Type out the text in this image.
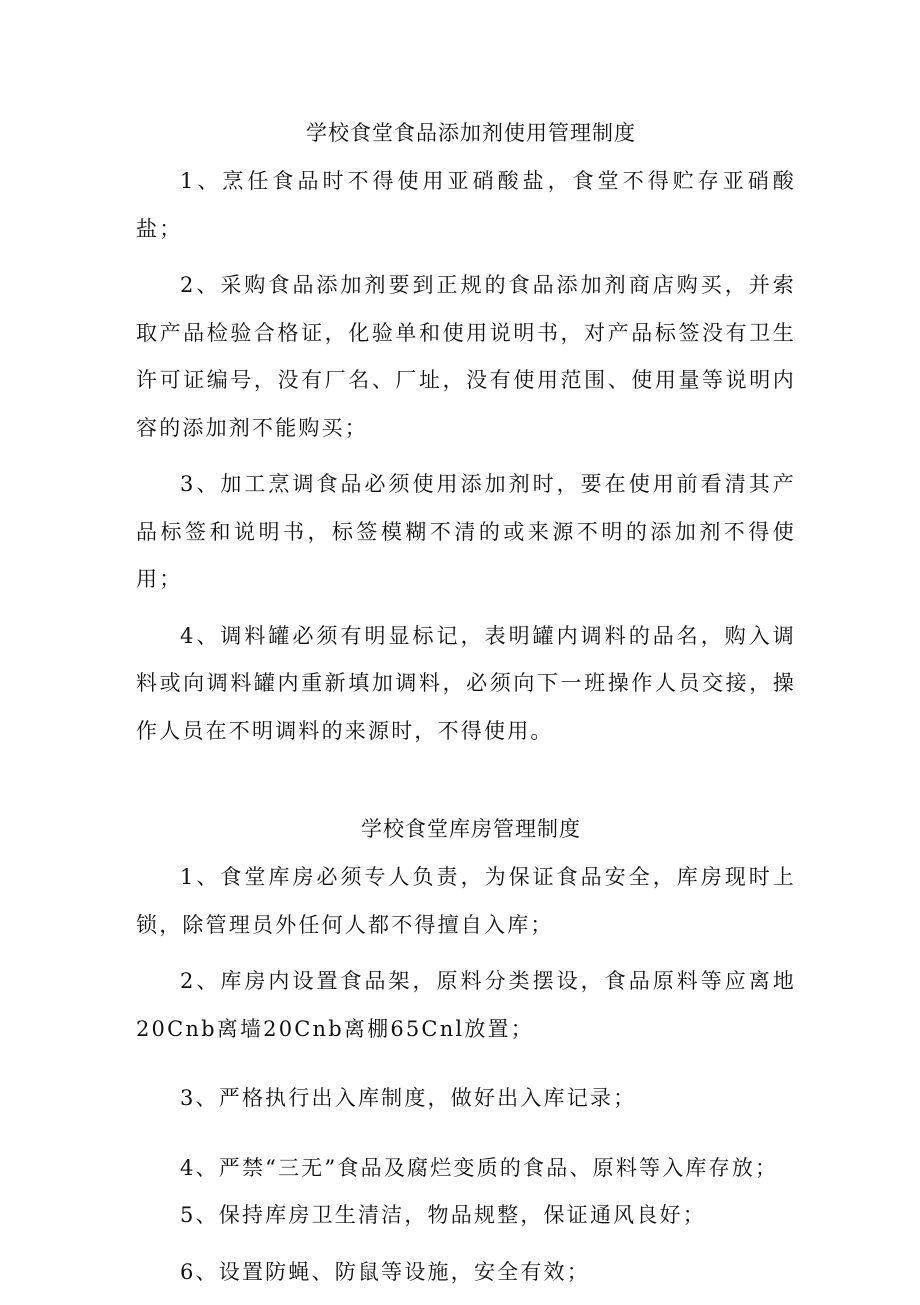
学校食堂食品添加剂使用管理制度

1、烹任食品时不得使用亚硝酸盐，食堂不得贮存亚硝酸盐；

2、采购食品添加剂要到正规的食品添加剂商店购买，并索取产品检验合格证，化验单和使用说明书，对产品标签没有卫生许可证编号，没有厂名、厂址，没有使用范围、使用量等说明内容的添加剂不能购买；

3、加工烹调食品必须使用添加剂时，要在使用前看清其产品标签和说明书，标签模糊不清的或来源不明的添加剂不得使用；

4、调料罐必须有明显标记，表明罐内调料的品名，购入调料或向调料罐内重新填加调料，必须向下一班操作人员交接，操作人员在不明调料的来源时，不得使用。

学校食堂库房管理制度

1、食堂库房必须专人负责，为保证食品安全，库房现时上锁，除管理员外任何人都不得擅自入库；

2、库房内设置食品架，原料分类摆设，食品原料等应离地20Cnb离墙20Cnb离棚65Cnl放置；

3、严格执行出入库制度，做好出入库记录；

4、严禁“三无”食品及腐烂变质的食品、原料等入库存放；

5、保持库房卫生清洁，物品规整，保证通风良好；

6、设置防蝇、防鼠等设施，安全有效；
